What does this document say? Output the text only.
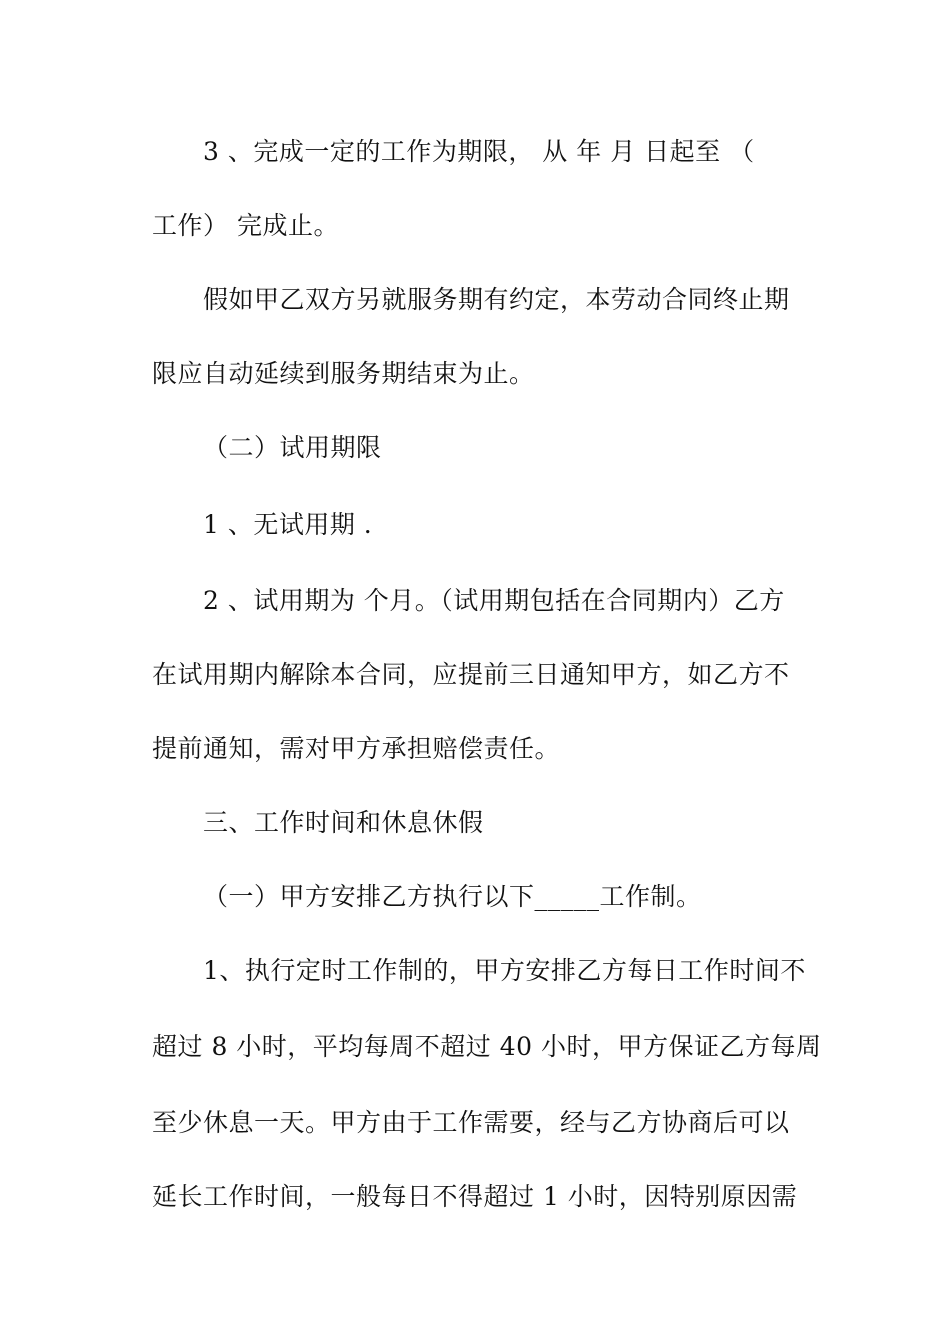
3 、完成一定的工作为期限， 从 年 月 日起至 （
工作） 完成止。
假如甲乙双方另就服务期有约定，本劳动合同终止期
限应自动延续到服务期结束为止。
（二）试用期限
1 、无试用期 .
2 、试用期为 个月。（试用期包括在合同期内）乙方
在试用期内解除本合同，应提前三日通知甲方，如乙方不
提前通知，需对甲方承担赔偿责任。
三、工作时间和休息休假
（一）甲方安排乙方执行以下_____工作制。
1、执行定时工作制的，甲方安排乙方每日工作时间不
超过 8 小时，平均每周不超过 40 小时，甲方保证乙方每周
至少休息一天。甲方由于工作需要，经与乙方协商后可以
延长工作时间，一般每日不得超过 1 小时，因特别原因需
